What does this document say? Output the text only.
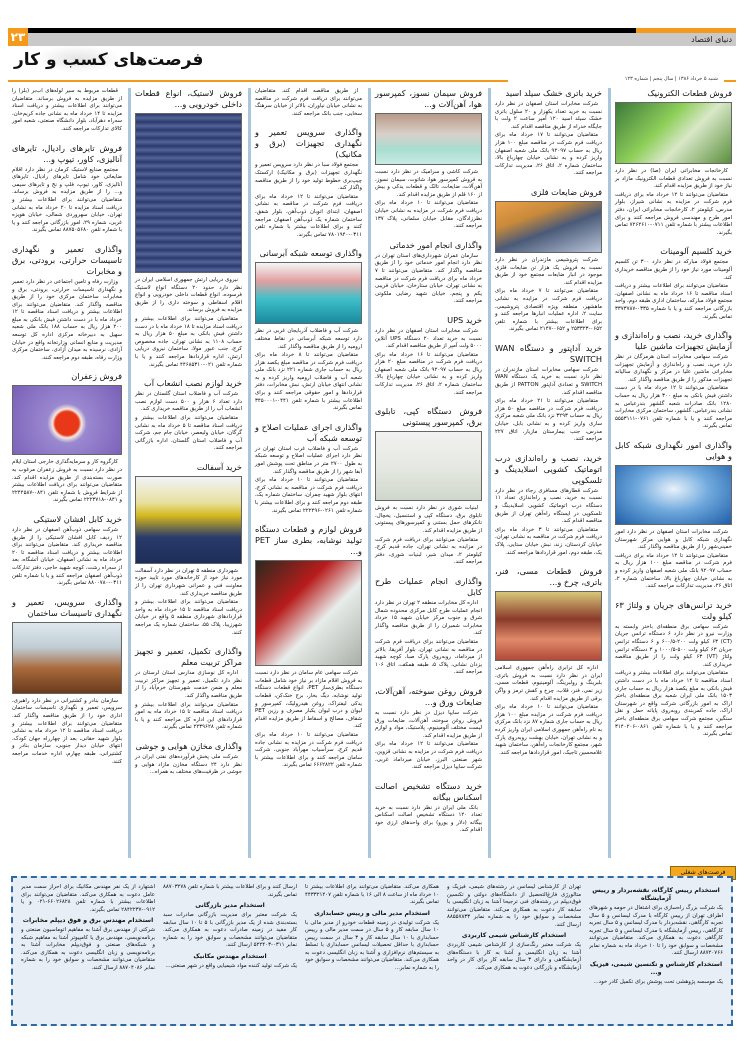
۲۳	دنیای اقتصاد
فرصت‌های کسب و کار
شنبه ۵ خرداد ۱۳۸۶ | سال پنجم | شماره ۱۲۳
فروش قطعات الکترونیک

کارخانجات مخابراتی ایران (صا) در نظر دارد نسبت به فروش تعدادی قطعات الکترونیک مازاد بر نیاز خود از طریق مزایده اقدام کند.

متقاضیان می‌توانند تا ۱۲ خرداد ماه برای دریافت فرم شرکت در مزایده به نشانی شیراز، بلوار مدرس، کیلومتر ۲، کارخانجات مخابراتی ایران، دفتر امور طرح و مهندسی فروش مراجعه کنند و برای اطلاعات بیشتر با شماره تلفن ۰۷۱۱-۷۲۶۲۶۱۰ تماس بگیرند.

خرید کلسیم آلومینات

مجتمع فولاد مبارکه در نظر دارد ۳۰۰ تن کلسیم آلومینات مورد نیاز خود را از طریق مناقصه خریداری کند.

متقاضیان می‌توانند برای اطلاعات بیشتر و دریافت اسناد مناقصه تا ۱۶ خرداد ماه به نشانی اصفهان، مجتمع فولاد مبارکه، ساختمان اداری طبقه دوم، واحد بازرگانی مراجعه کنند و یا با شماره ۰۳۳۵-۳۳۷۳۷۸۷ تماس بگیرند.

واگذاری خرید، نصب و راه‌اندازی و آزمایش تجهیزات ماشین علیا

شرکت سهامی مخابرات استان هرمزگان در نظر دارد خرید، نصب و راه‌اندازی و آزمایش تجهیزات مخابراتی ماشین علیا در مرکز و نگهداری سالیانه تجهیزات مذکور را از طریق مناقصه واگذار کند.

متقاضیان می‌توانند تا ۱۲ خرداد ماه با در دست داشتن فیش بانکی به مبلغ ۳۰۰ هزار ریال به حساب ۱۲۸۰ بانک صادرات شعبه گلشهر بندرعباس به نشانی بندرعباس، گلشهر، ساختمان مرکزی مخابرات مراجعه کنند و یا با شماره تلفن ۰۷۶۱-۵۵۵۳۱۱۱ تماس بگیرند.

واگذاری امور نگهداری شبکه کابل و هوایی

شرکت مخابرات استان اصفهان در نظر دارد امور نگهداری شبکه کابل و هوایی مرکز شهرستان خمینی‌شهر را از طریق مناقصه واگذار کند.

متقاضیان می‌توانند تا ۱۲ خرداد ماه برای دریافت فرم شرکت در مناقصه مبلغ ۱۰۰ هزار ریال به حساب ۹۲۰۹۷ بانک ملی شعبه اصفهان واریز کرده و به نشانی خیابان چهارباغ بالا، ساختمان شماره ۲، اتاق ۲۶، مدیریت تدارکات مراجعه کنند.

خرید ترانس‌های جریان و ولتاژ ۶۳ کیلو ولت

شرکت سهامی برق منطقه‌ای باختر وابسته به وزارت نیرو در نظر دارد ۶ دستگاه ترانس جریان (CT) ۶۳ کیلو ولت ۲۰۰-۶۰۰/۵ و ۶ دستگاه ترانس جریان ۶۳ کیلو ولت ۵۰۰-۱۰۰۰/۵ و ۳ دستگاه ترانس ولتاژ (VT) ۶۳ کیلو ولت را از طریق مناقصه خریداری کند.

متقاضیان می‌توانند برای اطلاعات بیشتر و دریافت اسناد مناقصه تا ۱۴ خرداد ماه با در دست داشتن فیش بانکی به مبلغ یکصد هزار ریال به حساب جاری ۱۵۰۳ بانک ملی ایران شعبه برق منطقه‌ای باختر اراک به امور بازرگانی شرکت واقع در شهرستان اراک، جاده کمربندی روبه‌روی پایانه حمل و نقل سنگین، مجتمع شرکت سهامی برق منطقه‌ای باختر مراجعه کنند و یا با شماره تلفن ۰۸۶۱-۳۱۴۰۲۰۶ تماس بگیرند.

خرید باتری خشک سیلد اسید

شرکت مخابرات استان اصفهان در نظر دارد نسبت به خرید تعداد یکهزار و ۲۰ سلول باتری خشک سیلد اسید ۱۲۰ آمپر ساعت ۲ ولت با جایگاه خدراه از طریق مناقصه اقدام کند.

متقاضیان می‌توانند تا ۱۷ خرداد ماه برای دریافت فرم شرکت در مناقصه مبلغ ۱۰۰ هزار ریال به حساب ۹۲۰۹۷ بانک ملی شعبه اصفهان واریز کرده و به نشانی خیابان چهارباغ بالا، ساختمان شماره ۲، اتاق ۲۶، مدیریت تدارکات مراجعه کنند.

فروش ضایعات فلزی

شرکت پتروشیمی مازندران در نظر دارد نسبت به فروش یک هزار تن ضایعات فلزی موجود در انبار ضایعات مجتمع خود از طریق مزایده اقدام کند.

متقاضیان می‌توانند تا ۷ خرداد ماه برای دریافت فرم شرکت در مزایده به نشانی ماهشهر، منطقه ویژه اقتصادی پتروشیمی، سایت ۲، اداره عملیات انبارها مراجعه کنند و برای اطلاعات بیشتر با شماره تلفن ۰۶۵۲-۲۵۳۳۲۳ و ۰۶۵۲-۲۱۴۷ تماس بگیرند.

خرید آداپتور و دستگاه WAN SWITCH

شرکت سهامی مخابرات استان مازندران در نظر دارد نسبت به خرید یک دستگاه WAN SWITCH و تعدادی آداپتور PATTON از طریق مناقصه اقدام کند.

متقاضیان می‌توانند تا ۲۱ خرداد ماه برای دریافت فرم شرکت در مناقصه مبلغ ۵۰ هزار ریال به حساب ۳۲۹۳ نزد بانک ملی شعبه مرکزی ساری واریز کرده و به نشانی بابل، خیابان مدرس، جنب بیمارستان مازیار، اتاق ۲۲۷ مراجعه کنند.

خرید، نصب و راه‌اندازی درب اتوماتیک کشویی اسلایدینگ و تلسکوپی

شرکت قطارهای مسافری رجاء در نظر دارد نسبت به خرید، نصب و راه‌اندازی تعداد ۱۱ دستگاه درب اتوماتیک کشویی اسلایدینگ و تلسکوپی در ایستگاه راه‌آهن تهران از طریق مناقصه اقدام کند.

متقاضیان می‌توانند تا ۳ خرداد ماه برای دریافت فرم شرکت در مناقصه به نشانی تهران، خیابان کردستان، زند، نبش خیابان ستایی، پلاک یک، طبقه دوم، امور قراردادها مراجعه کنند.

فروش قطعات مسی، فنر، باتری، چرخ و...

اداره کل ترابری راه‌آهن جمهوری اسلامی ایران در نظر دارد نسبت به فروش باتری، بلبرینگ و رولبرینگ، آلومینیوم، قطعات مسی، زیر نمی، فنر، قلاب، چرخ و کفش ترمز و واگن برقی از طریق مزایده اقدام کند.

متقاضیان می‌توانند تا ۱۰ خرداد ماه برای دریافت فرم شرکت در مزایده مبلغ ۱۰۰ هزار ریال به حساب جاری شماره ۸۷ نزد بانک مرکزی به نام راه‌آهن جمهوری اسلامی ایران واریز کرده و به نشانی تهران، خیابان بهشت روبه‌روی پارک شهر، مجتمع کارخانجات راه‌آهن، ساختمان شهید غلامحسین تاجیک، امور قراردادها مراجعه کنند.

فروش سیمان نسوز، کمپرسور هوا، آهن‌آلات و...

شرکت کاشی و سرامیک در نظر دارد نسبت به فروش کمپرسور هوا، شاتوت، سیمان نسوز، آهن‌آلات، ضایعات، تالک و قطعات یدکی و بیش از ۱۶۰ قلم از طریق مزایده اقدام کند.

متقاضیان می‌توانند تا ۱۰ خرداد ماه برای دریافت فرم شرکت در مزایده به نشانی خیابان نظرزادگان، مقابل خیابان سلمانی، پلاک ۱۳۷ مراجعه کنند.

واگذاری انجام امور خدماتی

سازمان عمران شهرداری‌های استان تهران در نظر دارد انجام امور خدماتی خود را از طریق مناقصه واگذار کند. متقاضیان می‌توانند تا ۷ خرداد ماه برای دریافت فرم شرکت در مناقصه به نشانی تهران، خیابان ستارخان، خیابان فریبی یکم و پنجم، خیابان شهید رضایی ملکوتی مراجعه کنند.

خرید UPS

شرکت مخابرات استان اصفهان در نظر دارد نسبت به خرید تعداد ۲۰ دستگاه UPS آنلاین ۵۰۰۰ ولت آمپر از طریق مناقصه اقدام کند.

متقاضیان می‌توانند تا ۱۶ خرداد ماه برای دریافت فرم شرکت در مناقصه مبلغ ۲۰ هزار ریال به حساب ۹۲۰۹۷ بانک ملی شعبه اصفهان واریز کرده و به نشانی خیابان چهارباغ بالا، ساختمان شماره ۲، اتاق ۲۶، مدیریت تدارکات مراجعه کنند.

فروش دستگاه کپی، تابلوی برق، کمپرسور پیستونی

لبنیات شوری در نظر دارد نسبت به فروش تابلوی برق، دستگاه کپی و استنسیل، یخچال، تانکرهای حمل بستنی و کمپرسورهای پیستونی از طریق مزایده اقدام کند.

متقاضیان می‌توانند برای دریافت فرم شرکت در مزایده به نشانی تهران، جاده قدیم کرج، کیلومتر ۲، میدان شیر، لبنیات شوری، دفتر مراجعه کنند.

واگذاری انجام عملیات طرح کابل

اداره کل مخابرات منطقه ۲ تهران در نظر دارد انجام عملیات طرح کابل مرکزی محدوده شمال شرق و جنوب مرکز خیابان شهید ۱۵ خرداد مخابرات شمیران را از طریق مناقصه واگذار کند.

متقاضیان می‌توانند برای دریافت فرم شرکت در مناقصه به نشانی تهران، بلوار آفریقا، بالاتر از میرداماد، روبه‌روی پارک صبا، کوچه شهید یزدان نشانی، پلاک ۵، طبقه همکف، اتاق ۱۰۶ مراجعه کنند.

فروش روغن سوخته، آهن‌آلات، ضایعات ورق و...

شرکت سایپا دیزل در نظر دارد نسبت به فروش روغن سوخته، آهن‌آلات، ضایعات ورق لیست مختلف آلومینیوم، پلاستیک، مواد و لوازم از طریق مزایده اقدام کند.

متقاضیان می‌توانند تا ۱۲ خرداد ماه برای دریافت فرم شرکت در مزایده به نشانی قزوین، شهر صنعتی البرز، خیابان میرداماد غربی، شرکت سایپا دیزل مراجعه کنند.

خرید دستگاه تشخیص اصالت اسکناس بیگانه

بانک ملی ایران در نظر دارد نسبت به خرید تعداد ۱۲۰ دستگاه تشخیص اصالت اسکناس بیگانه (دلار و یورو) برای واحدهای ارزی خود اقدام کند.

از طریق مناقصه اقدام کند. متقاضیان می‌توانند برای دریافت فرم شرکت در مناقصه به نشانی خیابان نیاوران، بالاتر از خیابان سرهنگ سخایی، جنب بانک مراجعه کنند.

واگذاری سرویس تعمیر و نگهداری تجهیزات (برق و مکانیک)

مجتمع فولاد سبا در نظر دارد سرویس تعمیر و نگهداری تجهیزات (برق و مکانیک) ارکستک چیپ‌بری خطوط تولید خود را از طریق مناقصه واگذار کند.

متقاضیان می‌توانند تا ۱۲ خرداد ماه برای دریافت فرم شرکت در مناقصه به نشانی اصفهان، ابتدای اتوبان ذوب‌آهن، بلوار شفق، ساختمان شماره یک ذوب‌آهن اصفهان مراجعه کنند و برای اطلاعات بیشتر با شماره تلفن ۰۳۱۱-۷۸۰۱۹۴۰ تماس بگیرند.

واگذاری توسعه شبکه آبرسانی

شرکت آب و فاضلاب آذربایجان غربی در نظر دارد توسعه شبکه آبرسانی در نقاط مختلف ارومیه را از طریق مناقصه واگذار کند.

متقاضیان می‌توانند تا ۸ خرداد ماه برای دریافت فرم شرکت در مناقصه مبلغ یکصد هزار ریال به حساب جاری شماره ۲۲۱ نزد بانک ملی شعبه آب و فاضلاب ارومیه واریز کرده و به نشانی انتهای خیابان ارتش، نبش مخابرات، دفتر قراردادها و امور حقوقی مراجعه کنند و برای اطلاعات بیشتر با شماره تلفن ۰۴۴۱-۳۴۵۰۰۰۱ تماس بگیرند.

واگذاری اجرای عملیات اصلاح و توسعه شبکه آب

شرکت آب و فاضلاب غرب استان تهران در نظر دارد اجرای عملیات اصلاح و توسعه شبکه به طول ۲۷۰۰ متر در مناطق تحت پوشش امور آبفا شهر را از طریق مناقصه واگذار کند.

متقاضیان می‌توانند تا ۱۰ خرداد ماه برای دریافت فرم شرکت در مناقصه به نشانی کرج، انتهای بلوار شهید چمران، ساختمان شماره یک، طبقه دوم مراجعه کنند و برای اطلاعات بیشتر با شماره تلفن ۰۲۶۱-۲۲۲۴۹۶ تماس بگیرند.

فروش لوازم و قطعات دستگاه تولید نوشابه، بطری ساز PET و...

شرکت سهامی عام سامان در نظر دارد نسبت به فروش اقلام مازاد بر نیاز خود شامل قطعات دستگاه بطری‌ساز PET، انواع قطعات دستگاه تولید نوشابه، دیگ بخار، برج خنک‌کن، قطعات یدکی لیفتراک، روغن هیدرولیک، کمپرسور و لیوان و درب لیوان یکبار مصرف و رزین PET شفاف، مصالح و اسقاط از طریق مزایده اقدام کند.

متقاضیان می‌توانند تا ۱۰ خرداد ماه برای دریافت فرم شرکت در مزایده به نشانی جاده قدیم کرج، سرآسیاب مهرآباد جنوبی، شرکت سامان مراجعه کنند و برای اطلاعات بیشتر با شماره تلفن ۶۶۶۲۸۲۲ تماس بگیرند.

فروش لاستیک، انواع قطعات داخلی خودرویی و...

نیروی دریایی ارتش جمهوری اسلامی ایران در نظر دارد حدود ۲۰ دستگاه انواع لاستیک فرسوده، انواع قطعات داخلی خودرویی و انواع اقلام اسقاطی و سوخته داری را از طریق مزایده به فروش برساند.

متقاضیان می‌توانند برای اطلاعات بیشتر و دریافت اسناد مزایده تا ۱۸ خرداد ماه با در دست داشتن فیش بانکی به مبلغ ۵۰ هزار ریال به حساب ۱۱۰۸ به نشانی تهران، جاده مخصوص کرج، جنب عبور مولا، ساختمان نیروی دریایی ارتش، اداره قراردادها مراجعه کنند و یا با شماره تلفن ۰۲۱-۴۴۶۸۵۳۱۰ تماس بگیرند.

خرید لوازم نصب انشعاب آب

شرکت آب و فاضلاب استان گلستان در نظر دارد تعداد ۶ هزار و ۵۰۰ دست لوازم نصب انشعاب آب را از طریق مناقصه خریداری کند.

متقاضیان می‌توانند برای اطلاعات بیشتر و دریافت اسناد مناقصه تا ۵ خرداد ماه به نشانی گرگان، خیابان ولیعصر، خیابان جام جم، شرکت آب و فاضلاب استان گلستان، اداره بازرگانی مراجعه کنند.

خرید آسفالت

شهرداری منطقه ۵ تهران در نظر دارد آسفالت مورد نیاز خود از کارخانه‌های مورد تایید حوزه معاونت فنی و عمرانی شهرداری تهران را از طریق مناقصه خریداری کند.

متقاضیان می‌توانند برای اطلاعات بیشتر و دریافت اسناد مناقصه تا ۱۵ خرداد ماه به واحد قراردادهای شهرداری منطقه ۵ واقع در خیابان شهرزیبا، پلاک ۵۵، ساختمان شماره یک مراجعه کنند.

واگذاری تکمیل، تعمیر و تجهیز مراکز تربیت معلم

اداره کل نوسازی مدارس استان لرستان در نظر دارد تکمیل، تعمیر و تجهیز مراکز تربیت معلم و ضمن خدمت شهرستان خرم‌آباد را از طریق مناقصه واگذار کند.

متقاضیان می‌توانند برای اطلاعات بیشتر و دریافت اسناد مناقصه تا ۱۵ خرداد ماه به امور قراردادهای این اداره کل مراجعه کنند و یا با شماره تلفن ۲۲۳۹۶۲۸ تماس بگیرند.

واگذاری مخازن هوایی و جوشی

شرکت ملی پخش فرآورده‌های نفتی ایران در نظر دارد ۲۴ دستگاه مخازن مازاد هوایی و جوشی در ظرفیت‌های مختلف به همراه...

قطعات مربوط به سیر لوله‌های آب‌بر (بلر) را از طریق مزایده به فروش برساند. متقاضیان می‌توانند برای اطلاعات بیشتر و دریافت اسناد مزایده تا ۱۴ خرداد ماه به نشانی جاده کریم‌خان، سه‌راه دهرآباد، بلوار دانشگاه صنعتی، شعبه امور کالای تدارکات مراجعه کنند.

فروش تایرهای رادیال، تایرهای آنالیزی، کاور، تیوپ و...

مجتمع صنایع لاستیک کرمان در نظر دارد اقلام ضایعاتی خود شامل تایرهای رادیال، تایرهای آنالیزی، کاور، تیوپ، فلپ و نخ و تایرهای سیمی و... را از طریق مزایده به فروش برساند. متقاضیان می‌توانند برای اطلاعات بیشتر و دریافت اسناد مزایده تا ۲۰ خرداد ماه به نشانی تهران، خیابان سهروردی شمالی، خیابان هویزه غربی، شماره ۲۹، امور بازرگانی مراجعه کنند و یا با شماره تلفن ۸۸۷۵۰۵۶۸۰ تماس بگیرند.

واگذاری تعمیر و نگهداری تاسیسات حرارتی، برودتی، برق و مخابرات

وزارت رفاه و تامین اجتماعی در نظر دارد تعمیر و نگهداری تاسیسات حرارتی، برودتی، برق و مخابرات ساختمان مرکزی خود را از طریق مناقصه واگذار کند. متقاضیان می‌توانند برای اطلاعات بیشتر و دریافت اسناد مناقصه تا ۱۲ خرداد ماه با در دست داشتن فیش بانکی به مبلغ ۲۰۰ هزار ریال به حساب ۱۸۸ بانک ملی شعبه سهیل به دبیرخانه مرکزی اداره کل توسعه مدیریت و منابع انسانی وزارتخانه واقع در خیابان آزادی، نرسیده به میدان آزادی، ساختمان مرکزی وزارت رفاه، طبقه دوم مراجعه کنند.

فروش زعفران

کارگروه کار و سرمایه‌گذاری خارجی استان ایلام در نظر دارد نسبت به فروش زعفران مرغوب به صورت بسته‌بندی از طریق مزایده اقدام کند. متقاضیان می‌توانند برای دریافت اطلاعات بیشتر از شرایط فروش با شماره تلفن ۰۸۴۱-۲۲۴۴۵۸۷ و ۰۸۴۱-۲۲۲۳۷۱۸ تماس بگیرند.

خرید کابل افشان لاستیکی

شرکت سهامی ذوب‌آهن اصفهان در نظر دارد ۱۲ ردیف کابل افشان لاستیکی را از طریق مناقصه خریداری کند. متقاضیان می‌توانند برای اطلاعات بیشتر و دریافت اسناد مناقصه تا ۲۰ خرداد ماه به نشانی اصفهان، خیابان آتشگاه، بعد از سه‌راه رشت، کوچه شهید حاجی، دفتر تدارکات ذوب‌آهن اصفهان مراجعه کنند و یا با شماره تلفن ۰۳۱۱-۸۸۰۰۷۸۰ تماس بگیرند.

واگذاری سرویس، تعمیر و نگهداری تاسیسات ساختمان

سازمان بنادر و کشتیرانی در نظر دارد راهبری، سرویس، تعمیر و نگهداری تاسیسات ساختمان اداری خود را از طریق مناقصه واگذار کند. متقاضیان می‌توانند برای اطلاعات بیشتر و دریافت اسناد مناقصه تا ۱۲ خرداد ماه به نشانی بلوار شهید حقانی، بعد از چهارراه جهان کودک، انتهای خیابان دیدار جنوبی، سازمان بنادر و کشتیرانی، طبقه چهارم، اداره خدمات مراجعه کنند.

فرصت‌های شغلی
استخدام رییس کارگاه، نقشه‌بردار و رییس آزمایشگاه

یک شرکت بزرگ راه‌سازی برای اشتغال در حومه و شهرهای اطراف تهران از رییس کارگاه با مدرک لیسانس و ۵ سال تجربه کارگاهی، نقشه‌بردار با مدرک لیسانس و ۵ سال تجربه کارگاهی، رییس آزمایشگاه با مدرک لیسانس و ۵ سال تجربه کارگاهی دعوت به همکاری می‌کند. متقاضیان می‌توانند مشخصات و سوابق خود را تا ۱۰ خرداد ماه به شماره نمابر ۸۸۷۲۰۷۶۶ ارسال کنند.

استخدام کارشناس و تکنسین شیمی، فیزیک و...

یک موسسه پژوهشی تحت پوشش برای تکمیل کادر خود...

تهران از کارشناس لیسانس در رشته‌های شیمی، فیزیک و متالورژی فارغ‌التحصیل از دانشگاه‌های دولتی و تکنسین فوق‌دیپلم در رشته‌های فنی ترجیحا آشنا به زبان انگلیسی با سابقه کار دعوت به همکاری می‌کند. متقاضیان می‌توانند مشخصات و سوابق خود را به شماره نمابر ۸۸۵۵۷۸۳۳ ارسال کنند.

استخدام کارشناس شیمی کاربردی

یک شرکت معتبر رنگ‌سازی از کارشناس شیمی کاربردی آشنا به زبان انگلیسی و آشنا به کار با دستگاه‌های آزمایشگاهی و دارای ۳ سال سابقه کار برای کار در واحد آزمایشگاه و بازرگانی دعوت به همکاری می‌کند.

همکاری می‌کند. متقاضیان می‌توانند برای اطلاعات بیشتر تا ۱۰ خرداد ماه از ساعت ۸ الی ۱۶ با شماره تلفن ۴۴۳۳۲۱۲۰۷ تماس بگیرند.

استخدام مدیر مالی و رییس حسابداری

یک شرکت تولیدی در زمینه قطعات خودرو از مدیر مالی با ۱۰ سال سابقه کار و ۵ سال در سمت مدیر مالی و رییس حسابداری با ۱۰ سال سابقه کار و ۳ سال در سمت رییس حسابداری با حداقل تحصیلات لیسانس حسابداری با تسلط به سیستم‌های نرم‌افزاری و آشنا به زبان انگلیسی دعوت به همکاری می‌کند. متقاضیان می‌توانند مشخصات و سوابق خود را به شماره نمابر...

ارسال کنند و برای اطلاعات بیشتر با شماره تلفن ۸۸۷۰۳۲۷۸ تماس بگیرند.

استخدام مدیر بازرگانی

یک شرکت معتبر برای مدیریت بازرگانی صادرات سبد بسته‌بندی شده از یک مدیر بازرگانی با ۵ تا ۱۰ سال سابقه کار مفید در زمینه صادرات دعوت به همکاری می‌کند. متقاضیان می‌توانند مشخصات و سوابق خود را به شماره نمابر ۰۳۱۱-۵۲۲۴۰۳ ارسال کنند.

استخدام مهندس مکانیک

یک شرکت تولید کننده مواد شیمیایی واقع در شهر صنعتی...

اشتهارد از یک نفر مهندس مکانیک برای احراز سمت مدیر عامل دعوت به همکاری می‌کند. متقاضیان می‌توانند برای اطلاعات بیشتر با شماره تلفن ۶۶۰۲۶۸۲۸-۰۲۱ و یا ۰۹۱۲-۲۸۴۲۲۳۷ تماس بگیرند.

استخدام مهندس برق و فوق دیپلم مخابرات

شرکتی از مهندس برق آشنا به مفاهیم اتوماسیون صنعتی و برنامه‌نویسی، مهندس برق یا کامپیوتر آشنا به مفاهیم شبکه و شبکه‌های صنعتی و فوق‌دیپلم مخابرات آشنا به برنامه‌نویسی و زبان انگلیسی دعوت به همکاری می‌کند. متقاضیان می‌توانند مشخصات و سوابق خود را به شماره نمابر ۸۸۷۰۴۰۸۶ ارسال کنند.
